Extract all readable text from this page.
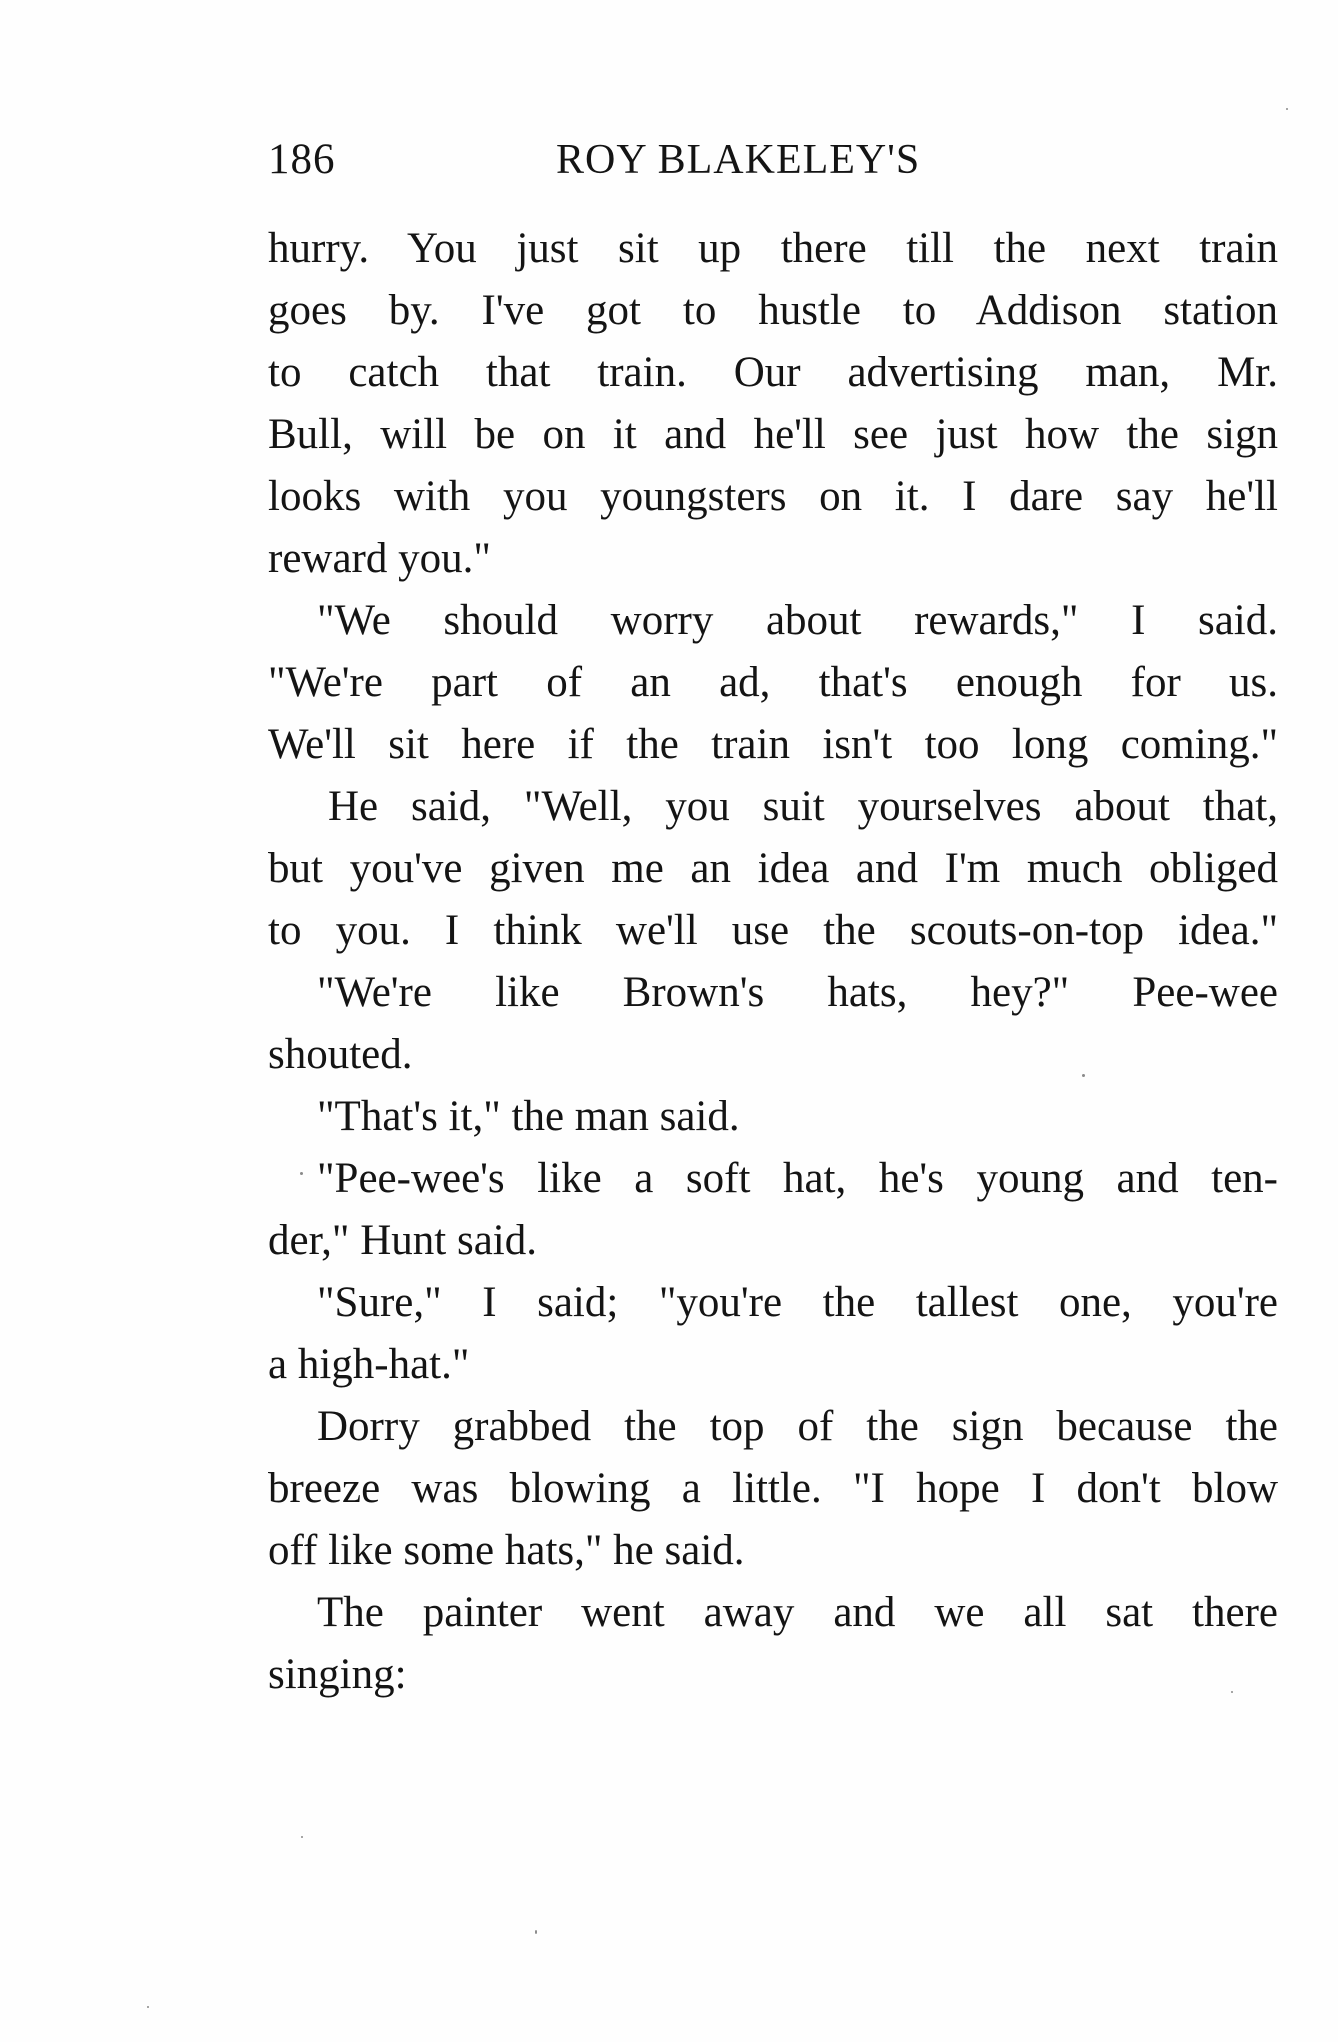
186	ROY BLAKELEY'S
hurry. You just sit up there till the next train
goes by. I've got to hustle to Addison station
to catch that train. Our advertising man, Mr.
Bull, will be on it and he'll see just how the sign
looks with you youngsters on it. I dare say he'll
reward you."
"We should worry about rewards," I said.
"We're part of an ad, that's enough for us.
We'll sit here if the train isn't too long coming."
He said, "Well, you suit yourselves about that,
but you've given me an idea and I'm much obliged
to you. I think we'll use the scouts-on-top idea."
"We're like Brown's hats, hey?" Pee-wee
shouted.
"That's it," the man said.
"Pee-wee's like a soft hat, he's young and ten-
der," Hunt said.
"Sure," I said; "you're the tallest one, you're
a high-hat."
Dorry grabbed the top of the sign because the
breeze was blowing a little. "I hope I don't blow
off like some hats," he said.
The painter went away and we all sat there
singing:
